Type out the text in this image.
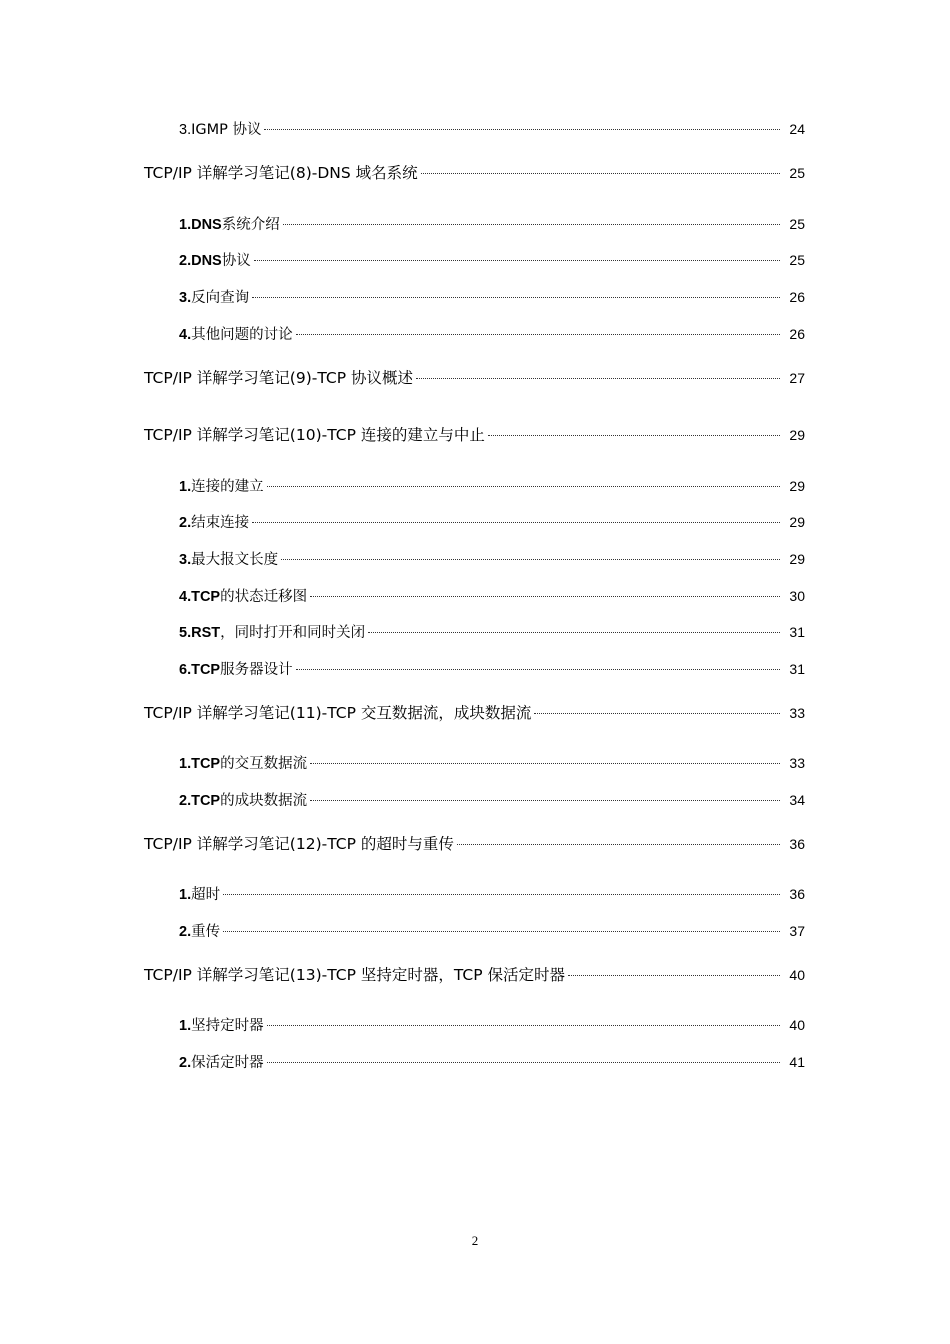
3. IGMP 协议	24
TCP/IP 详解学习笔记(8)-DNS 域名系统	25
1. DNS 系统介绍	25
2. DNS 协议	25
3. 反向查询	26
4. 其他问题的讨论	26
TCP/IP 详解学习笔记(9)-TCP 协议概述	27
TCP/IP 详解学习笔记(10)-TCP 连接的建立与中止	29
1. 连接的建立	29
2. 结束连接	29
3. 最大报文长度	29
4. TCP 的状态迁移图	30
5. RST ，同时打开和同时关闭	31
6. TCP 服务器设计	31
TCP/IP 详解学习笔记(11)-TCP 交互数据流，成块数据流	33
1. TCP 的交互数据流	33
2. TCP 的成块数据流	34
TCP/IP 详解学习笔记(12)-TCP 的超时与重传	36
1. 超时	36
2. 重传	37
TCP/IP 详解学习笔记(13)-TCP 坚持定时器，TCP 保活定时器	40
1. 坚持定时器	40
2. 保活定时器	41
2
